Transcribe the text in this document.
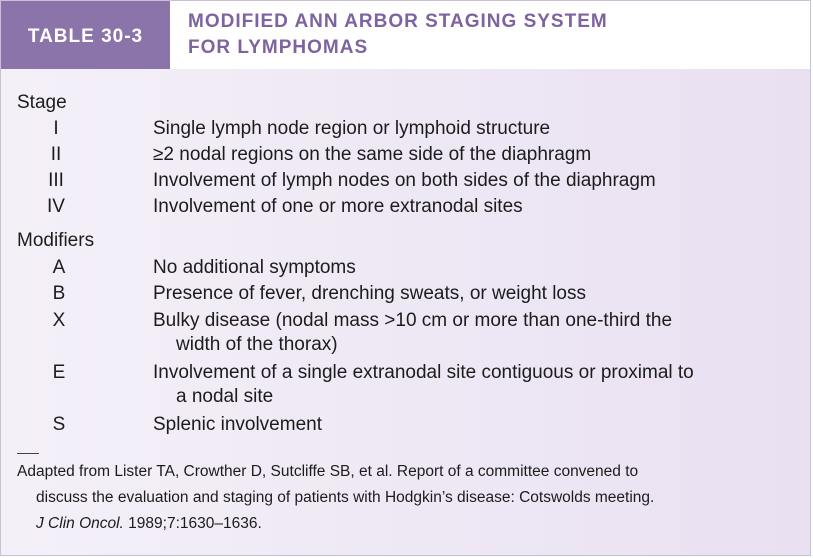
TABLE 30-3
MODIFIED ANN ARBOR STAGING SYSTEM
FOR LYMPHOMAS
Stage
I	Single lymph node region or lymphoid structure
II	≥2 nodal regions on the same side of the diaphragm
III	Involvement of lymph nodes on both sides of the diaphragm
IV	Involvement of one or more extranodal sites
Modifiers
A	No additional symptoms
B	Presence of fever, drenching sweats, or weight loss
X	Bulky disease (nodal mass >10 cm or more than one-third the
width of the thorax)
E	Involvement of a single extranodal site contiguous or proximal to
a nodal site
S	Splenic involvement
Adapted from Lister TA, Crowther D, Sutcliffe SB, et al. Report of a committee convened to
discuss the evaluation and staging of patients with Hodgkin’s disease: Cotswolds meeting.
J Clin Oncol. 1989;7:1630–1636.
